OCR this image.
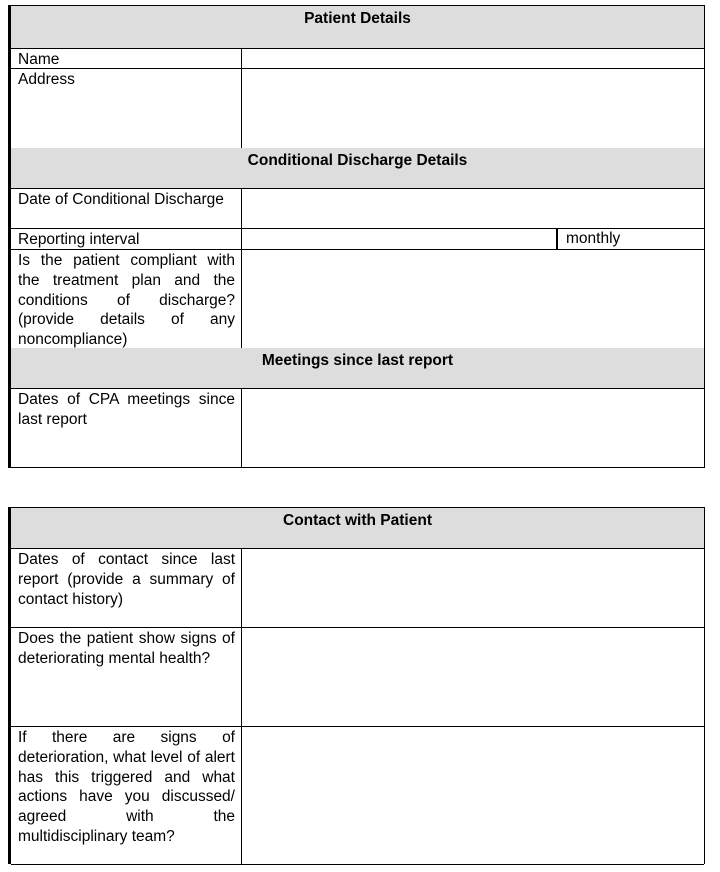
Patient Details
Name
Address
Conditional Discharge Details
Date of Conditional Discharge
Reporting interval	monthly
Is the patient compliant with the treatment plan and the conditions of discharge? (provide details of any noncompliance)
Meetings since last report
Dates of CPA meetings since last report
Contact with Patient
Dates of contact since last report (provide a summary of contact history)
Does the patient show signs of deteriorating mental health?
If there are signs of deterioration, what level of alert has this triggered and what actions have you discussed/ agreed with the multidisciplinary team?
